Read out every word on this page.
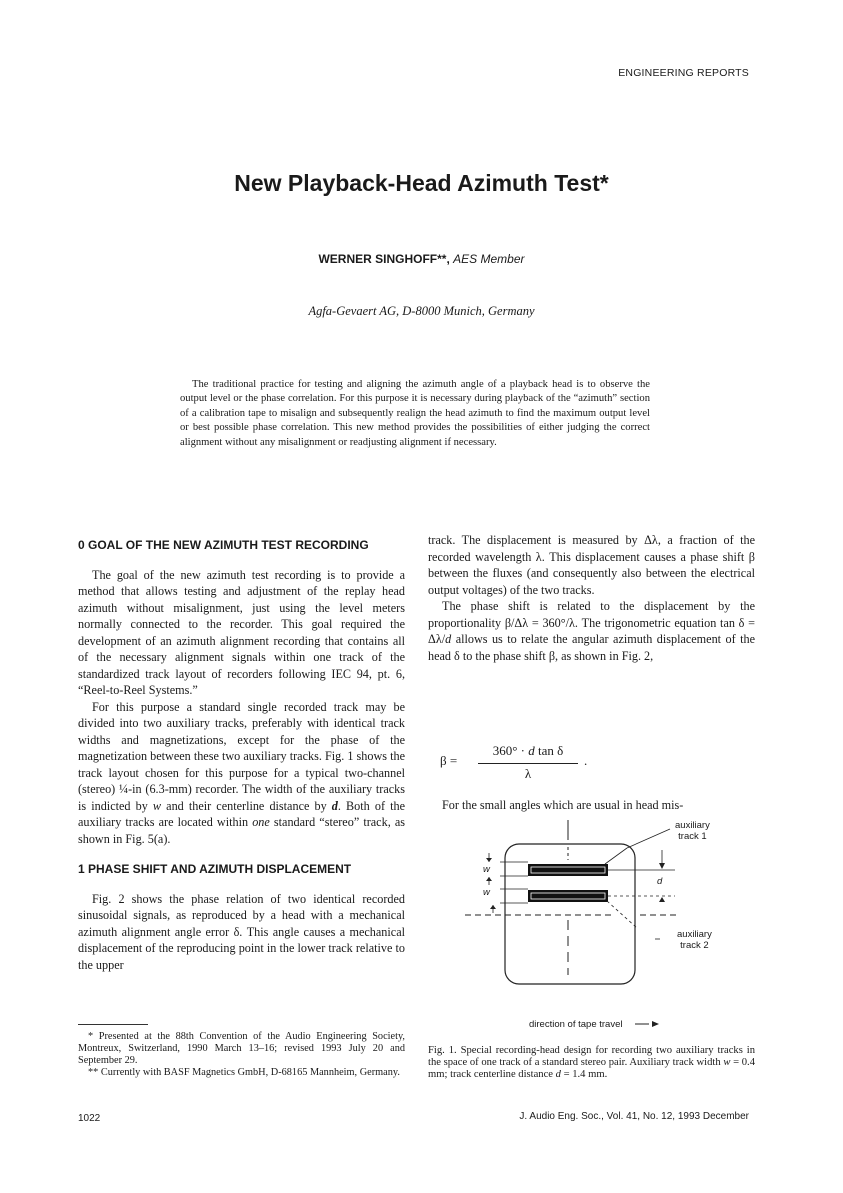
ENGINEERING REPORTS
New Playback-Head Azimuth Test*
WERNER SINGHOFF**, AES Member
Agfa-Gevaert AG, D-8000 Munich, Germany
The traditional practice for testing and aligning the azimuth angle of a playback head is to observe the output level or the phase correlation. For this purpose it is necessary during playback of the “azimuth” section of a calibration tape to misalign and subsequently realign the head azimuth to find the maximum output level or best possible phase correlation. This new method provides the possibilities of either judging the correct alignment without any misalignment or readjusting alignment if necessary.
0 GOAL OF THE NEW AZIMUTH TEST RECORDING

The goal of the new azimuth test recording is to provide a method that allows testing and adjustment of the replay head azimuth without misalignment, just using the level meters normally connected to the recorder. This goal required the development of an azimuth alignment recording that contains all of the necessary alignment signals within one track of the standardized track layout of recorders following IEC 94, pt. 6, “Reel-to-Reel Systems.”

For this purpose a standard single recorded track may be divided into two auxiliary tracks, preferably with identical track widths and magnetizations, except for the phase of the magnetization between these two auxiliary tracks. Fig. 1 shows the track layout chosen for this purpose for a typical two-channel (stereo) ¼-in (6.3-mm) recorder. The width of the auxiliary tracks is indicted by w and their centerline distance by d. Both of the auxiliary tracks are located within one standard “stereo” track, as shown in Fig. 5(a).

1 PHASE SHIFT AND AZIMUTH DISPLACEMENT

Fig. 2 shows the phase relation of two identical recorded sinusoidal signals, as reproduced by a head with a mechanical azimuth alignment angle error δ. This angle causes a mechanical displacement of the reproducing point in the lower track relative to the upper

* Presented at the 88th Convention of the Audio Engineering Society, Montreux, Switzerland, 1990 March 13–16; revised 1993 July 20 and September 29.

** Currently with BASF Magnetics GmbH, D-68165 Mannheim, Germany.

track. The displacement is measured by Δλ, a fraction of the recorded wavelength λ. This displacement causes a phase shift β between the fluxes (and consequently also between the electrical output voltages) of the two tracks.

The phase shift is related to the displacement by the proportionality β/Δλ = 360°/λ. The trigonometric equation tan δ = Δλ/d allows us to relate the angular azimuth displacement of the head δ to the phase shift β, as shown in Fig. 2,

β =
360° · d tan δ
λ
.

For the small angles which are usual in head mis-

auxiliary
track 1
auxiliary
track 2
w
w
d
direction of tape travel
Fig. 1. Special recording-head design for recording two auxiliary tracks in the space of one track of a standard stereo pair. Auxiliary track width w = 0.4 mm; track centerline distance d = 1.4 mm.
1022	J. Audio Eng. Soc., Vol. 41, No. 12, 1993 December
